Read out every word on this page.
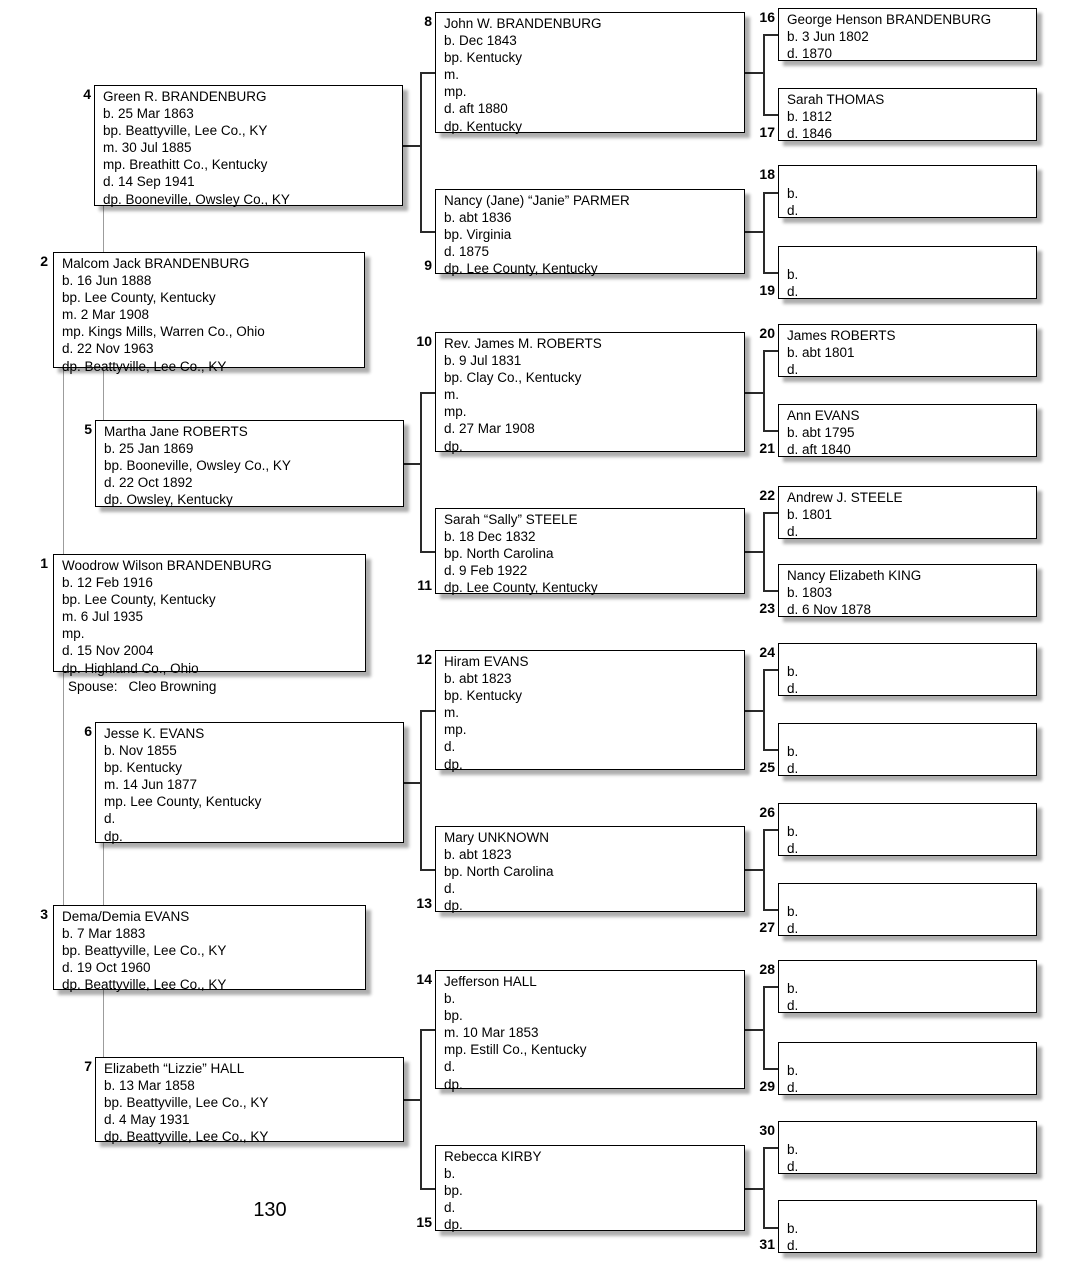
Green R. BRANDENBURG
b. 25 Mar 1863
bp. Beattyville, Lee Co., KY
m. 30 Jul 1885
mp. Breathitt Co., Kentucky
d. 14 Sep 1941
dp. Booneville, Owsley Co., KY
Malcom Jack BRANDENBURG
b. 16 Jun 1888
bp. Lee County, Kentucky
m. 2 Mar 1908
mp. Kings Mills, Warren Co., Ohio
d. 22 Nov 1963
dp. Beattyville, Lee Co., KY
Martha Jane ROBERTS
b. 25 Jan 1869
bp. Booneville, Owsley Co., KY
d. 22 Oct 1892
dp. Owsley, Kentucky
Woodrow Wilson BRANDENBURG
b. 12 Feb 1916
bp. Lee County, Kentucky
m. 6 Jul 1935
mp.
d. 15 Nov 2004
dp. Highland Co., Ohio
Jesse K. EVANS
b. Nov 1855
bp. Kentucky
m. 14 Jun 1877
mp. Lee County, Kentucky
d.
dp.
Dema/Demia EVANS
b. 7 Mar 1883
bp. Beattyville, Lee Co., KY
d. 19 Oct 1960
dp. Beattyville, Lee Co., KY
Elizabeth “Lizzie” HALL
b. 13 Mar 1858
bp. Beattyville, Lee Co., KY
d. 4 May 1931
dp. Beattyville, Lee Co., KY
John W. BRANDENBURG
b. Dec 1843
bp. Kentucky
m.
mp.
d. aft 1880
dp. Kentucky
Nancy (Jane) “Janie” PARMER
b. abt 1836
bp. Virginia
d. 1875
dp. Lee County, Kentucky
Rev. James M. ROBERTS
b. 9 Jul 1831
bp. Clay Co., Kentucky
m.
mp.
d. 27 Mar 1908
dp.
Sarah “Sally” STEELE
b. 18 Dec 1832
bp. North Carolina
d. 9 Feb 1922
dp. Lee County, Kentucky
Hiram EVANS
b. abt 1823
bp. Kentucky
m.
mp.
d.
dp.
Mary UNKNOWN
b. abt 1823
bp. North Carolina
d.
dp.
Jefferson HALL
b.
bp.
m. 10 Mar 1853
mp. Estill Co., Kentucky
d.
dp.
Rebecca KIRBY
b.
bp.
d.
dp.
George Henson BRANDENBURG
b. 3 Jun 1802
d. 1870
Sarah THOMAS
b. 1812
d. 1846
b.
d.
b.
d.
James ROBERTS
b. abt 1801
d.
Ann EVANS
b. abt 1795
d. aft 1840
Andrew J. STEELE
b. 1801
d.
Nancy Elizabeth KING
b. 1803
d. 6 Nov 1878
b.
d.
b.
d.
b.
d.
b.
d.
b.
d.
b.
d.
b.
d.
b.
d.
1
2
3
4
5
6
7
8
9
10
11
12
13
14
15
16
17
18
19
20
21
22
23
24
25
26
27
28
29
30
31
Spouse: Cleo Browning
130
